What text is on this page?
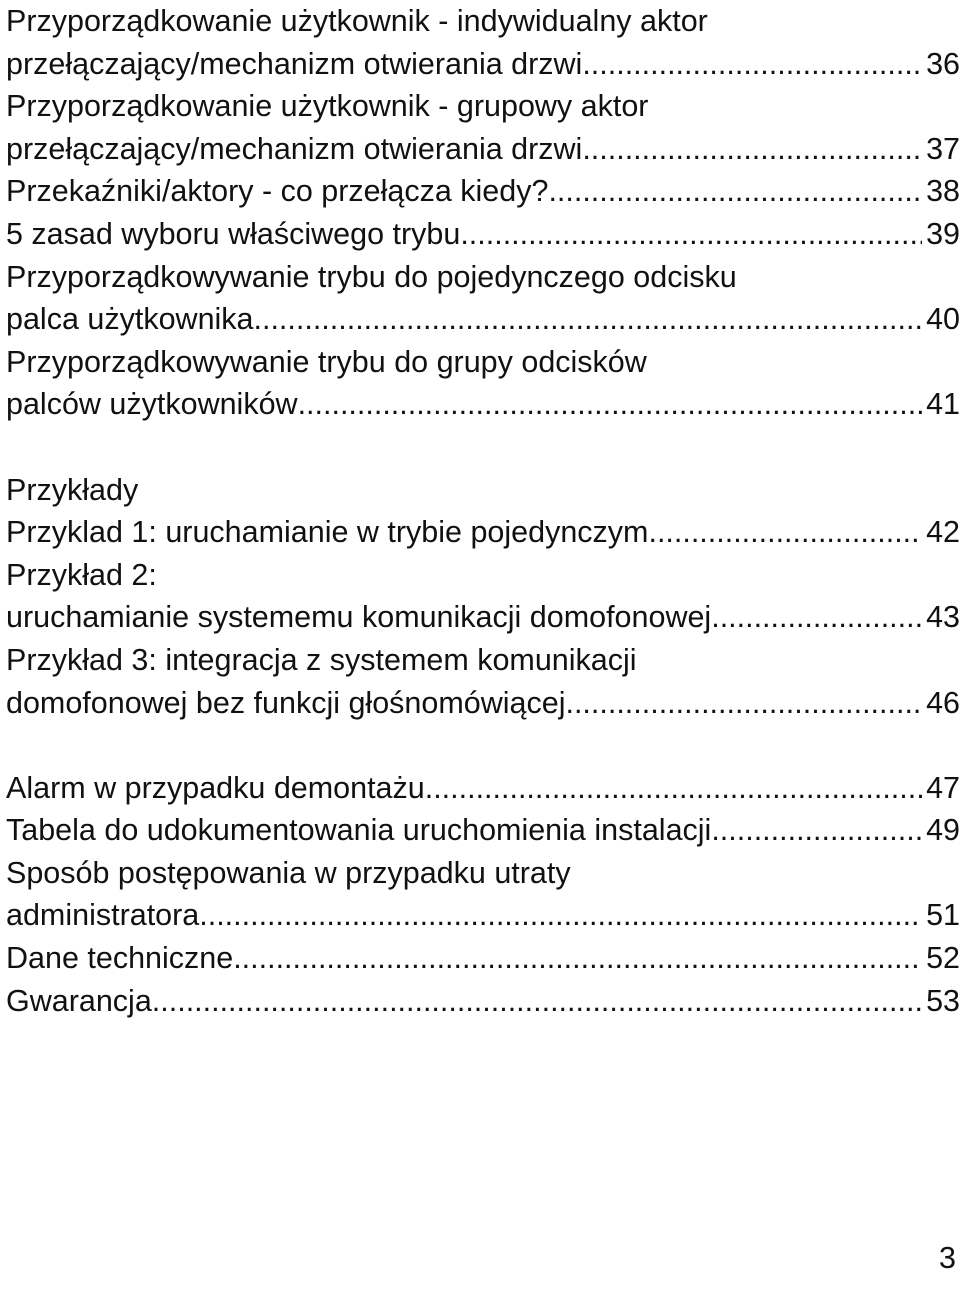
Przyporządkowanie użytkownik - indywidualny aktor
przełączający/mechanizm otwierania drzwi .....	36
Przyporządkowanie użytkownik - grupowy aktor
przełączający/mechanizm otwierania drzwi .....	37
Przekaźniki/aktory - co przełącza kiedy? .....	38
5 zasad wyboru właściwego trybu .....	39
Przyporządkowywanie trybu do pojedynczego odcisku
palca użytkownika .....	40
Przyporządkowywanie trybu do grupy odcisków
palców użytkowników .....	41
Przykłady
Przyklad 1: uruchamianie w trybie pojedynczym .....	42
Przykład 2:
uruchamianie systememu komunikacji domofonowej .....	43
Przykład 3: integracja z systemem komunikacji
domofonowej bez funkcji głośnomówiącej .....	46
Alarm w przypadku demontażu .....	47
Tabela do udokumentowania uruchomienia instalacji .....	49
Sposób postępowania w przypadku utraty
administratora .....	51
Dane techniczne .....	52
Gwarancja .....	53
3
